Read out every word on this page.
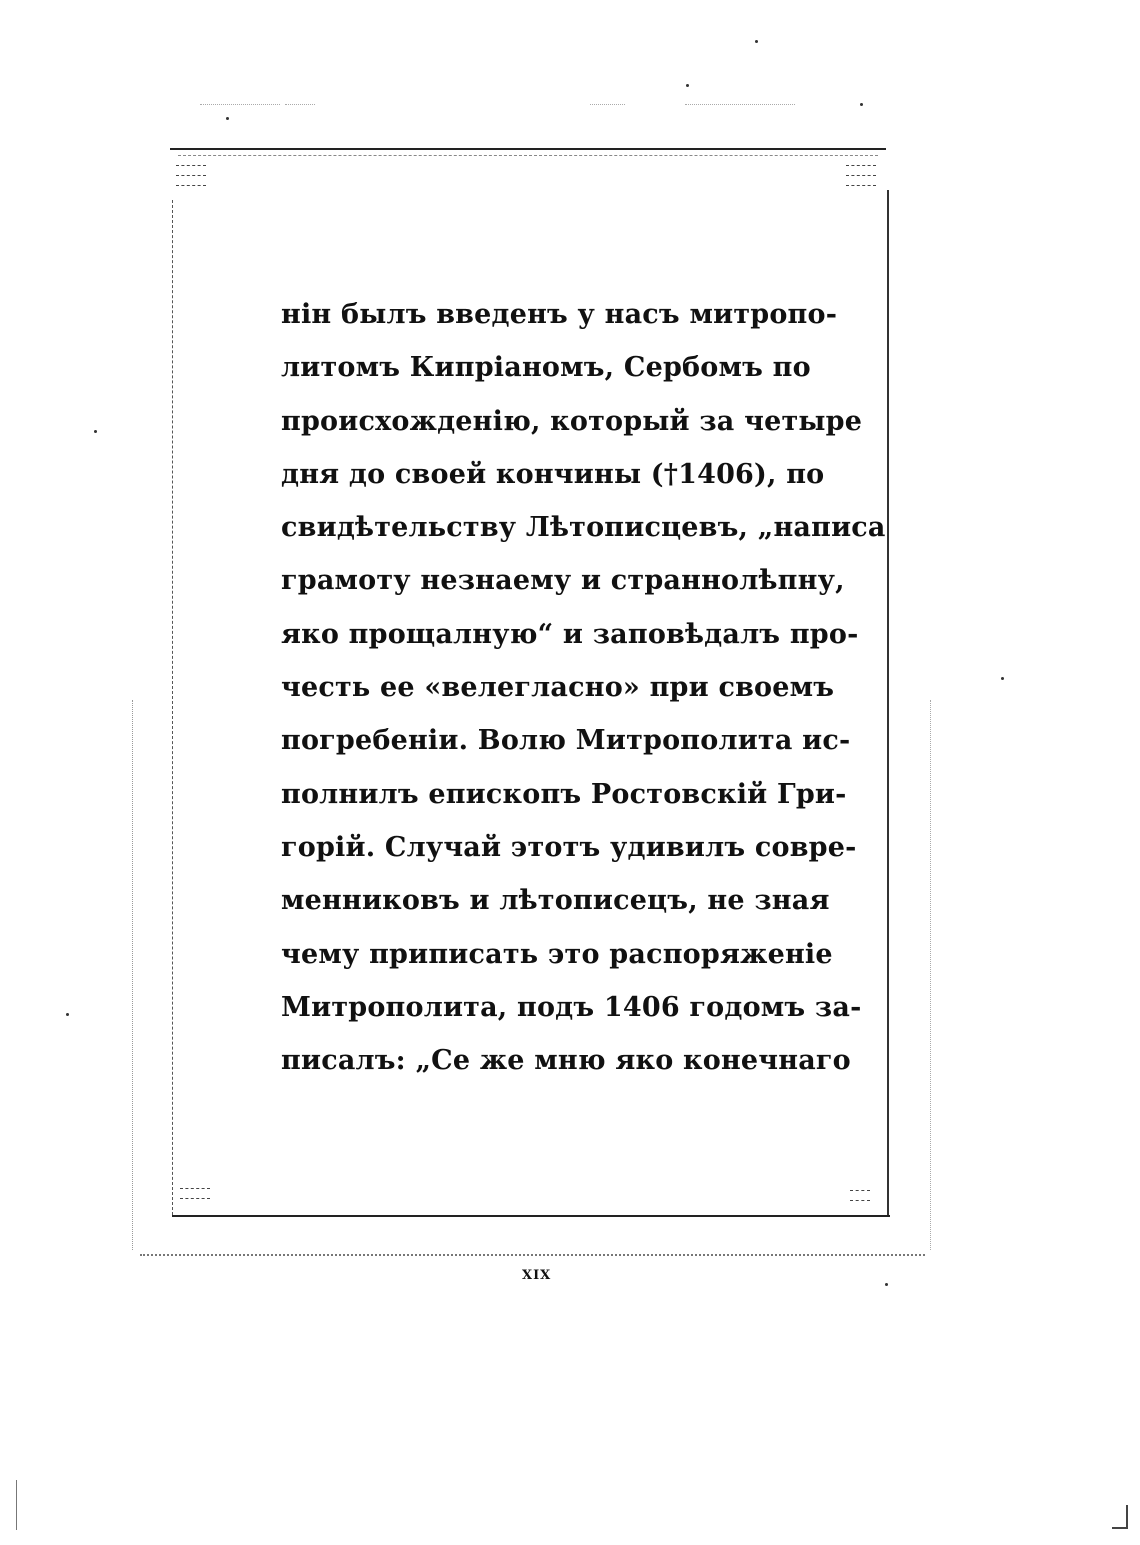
нін былъ введенъ у насъ митропо-
литомъ Кипріаномъ, Сербомъ по
происхожденію, который за четыре
дня до своей кончины (†1406), по
свидѣтельству Лѣтописцевъ, „написа
грамоту незнаему и страннолѣпну,
яко прощалную“ и заповѣдалъ про-
честь ее «велегласно» при своемъ
погребеніи. Волю Митрополита ис-
полнилъ епископъ Ростовскій Гри-
горій. Случай этотъ удивилъ совре-
менниковъ и лѣтописецъ, не зная
чему приписать это распоряженіе
Митрополита, подъ 1406 годомъ за-
писалъ: „Се же мню яко конечнаго
XIX
